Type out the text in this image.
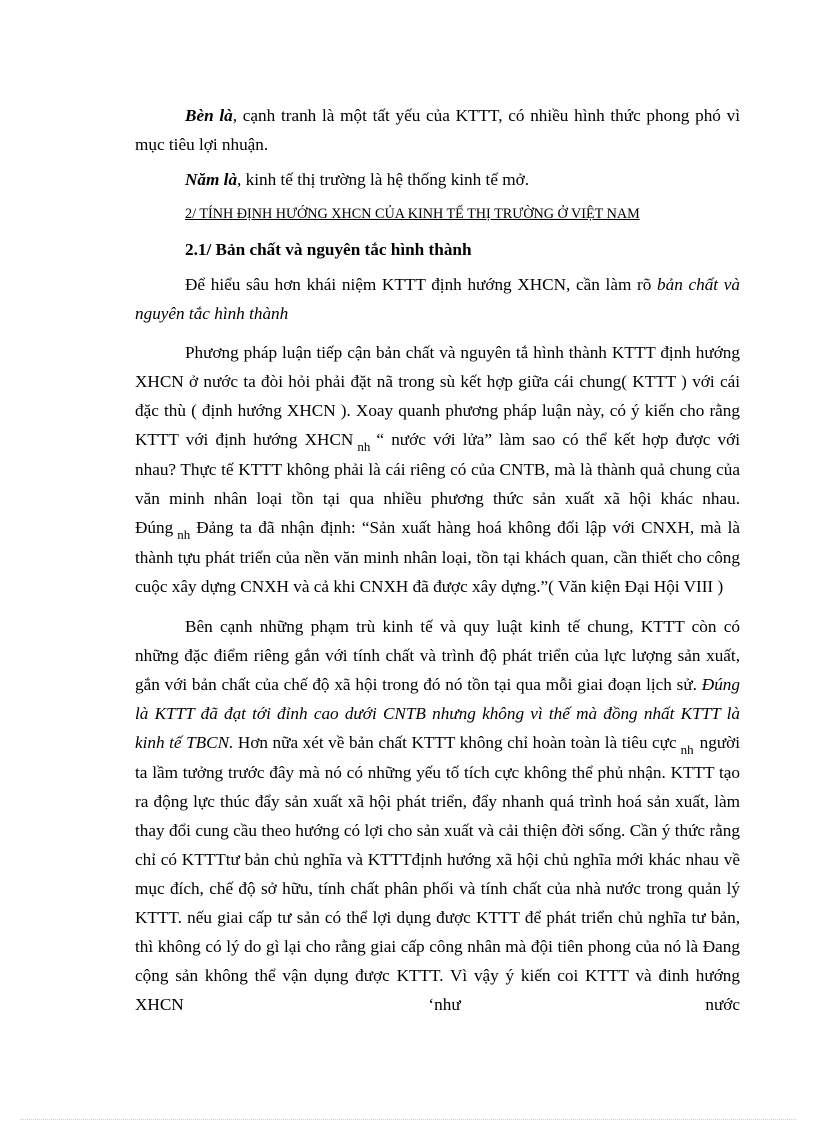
Bèn là, cạnh tranh là một tất yếu của KTTT, có nhiều hình thức phong phó vì mục tiêu lợi nhuận.

Năm là, kinh tế thị trường là hệ thống kinh tế mở.

2/ TÍNH ĐỊNH HƯỚNG XHCN CỦA KINH TẾ THỊ TRƯỜNG Ở VIỆT NAM

2.1/ Bản chất và nguyên tắc hình thành

Để hiểu sâu hơn khái niệm KTTT định hướng XHCN, cần làm rõ bản chất và nguyên tắc hình thành

Phương pháp luận tiếp cận bản chất và nguyên tắ hình thành KTTT định hướng XHCN ở nước ta đòi hỏi phải đặt nã trong sù kết hợp giữa cái chung( KTTT ) với cái đặc thù ( định hướng XHCN ). Xoay quanh phương pháp luận này, có ý kiến cho rằng KTTT với định hướng XHCN $_{nh}$ “ nước với lửa” làm sao có thể kết hợp được với nhau? Thực tế KTTT không phải là cái riêng có của CNTB, mà là thành quả chung của văn minh nhân loại tồn tại qua nhiều phương thức sản xuất xã hội khác nhau. Đúng $_{nh}$ Đảng ta đã nhận định: “Sản xuất hàng hoá không đối lập với CNXH, mà là thành tựu phát triển của nền văn minh nhân loại, tồn tại khách quan, cần thiết cho công cuộc xây dựng CNXH và cả khi CNXH đã được xây dựng.”( Văn kiện Đại Hội VIII )

Bên cạnh những phạm trù kinh tế và quy luật kinh tế chung, KTTT còn có những đặc điểm riêng gắn với tính chất và trình độ phát triển của lực lượng sản xuất, gắn với bản chất của chế độ xã hội trong đó nó tồn tại qua mỗi giai đoạn lịch sử. Đúng là KTTT đã đạt tới đỉnh cao dưới CNTB nhưng không vì thế mà đồng nhất KTTT là kinh tế TBCN. Hơn nữa xét về bản chất KTTT không chỉ hoàn toàn là tiêu cực $_{nh}$ người ta lầm tưởng trước đây mà nó có những yếu tố tích cực không thể phủ nhận. KTTT tạo ra động lực thúc đẩy sản xuất xã hội phát triển, đẩy nhanh quá trình hoá sản xuất, làm thay đổi cung cầu theo hướng có lợi cho sản xuất và cải thiện đời sống. Cần ý thức rằng chỉ có KTTTtư bản chủ nghĩa và KTTTđịnh hướng xã hội chủ nghĩa mới khác nhau về mục đích, chế độ sở hữu, tính chất phân phối và tính chất của nhà nước trong quản lý KTTT. nếu giai cấp tư sản có thể lợi dụng được KTTT để phát triển chủ nghĩa tư bản, thì không có lý do gì lại cho rằng giai cấp công nhân mà đội tiên phong của nó là Đang cộng sản không thể vận dụng được KTTT. Vì vậy ý kiến coi KTTT và đinh hướng XHCN ‘như nước
